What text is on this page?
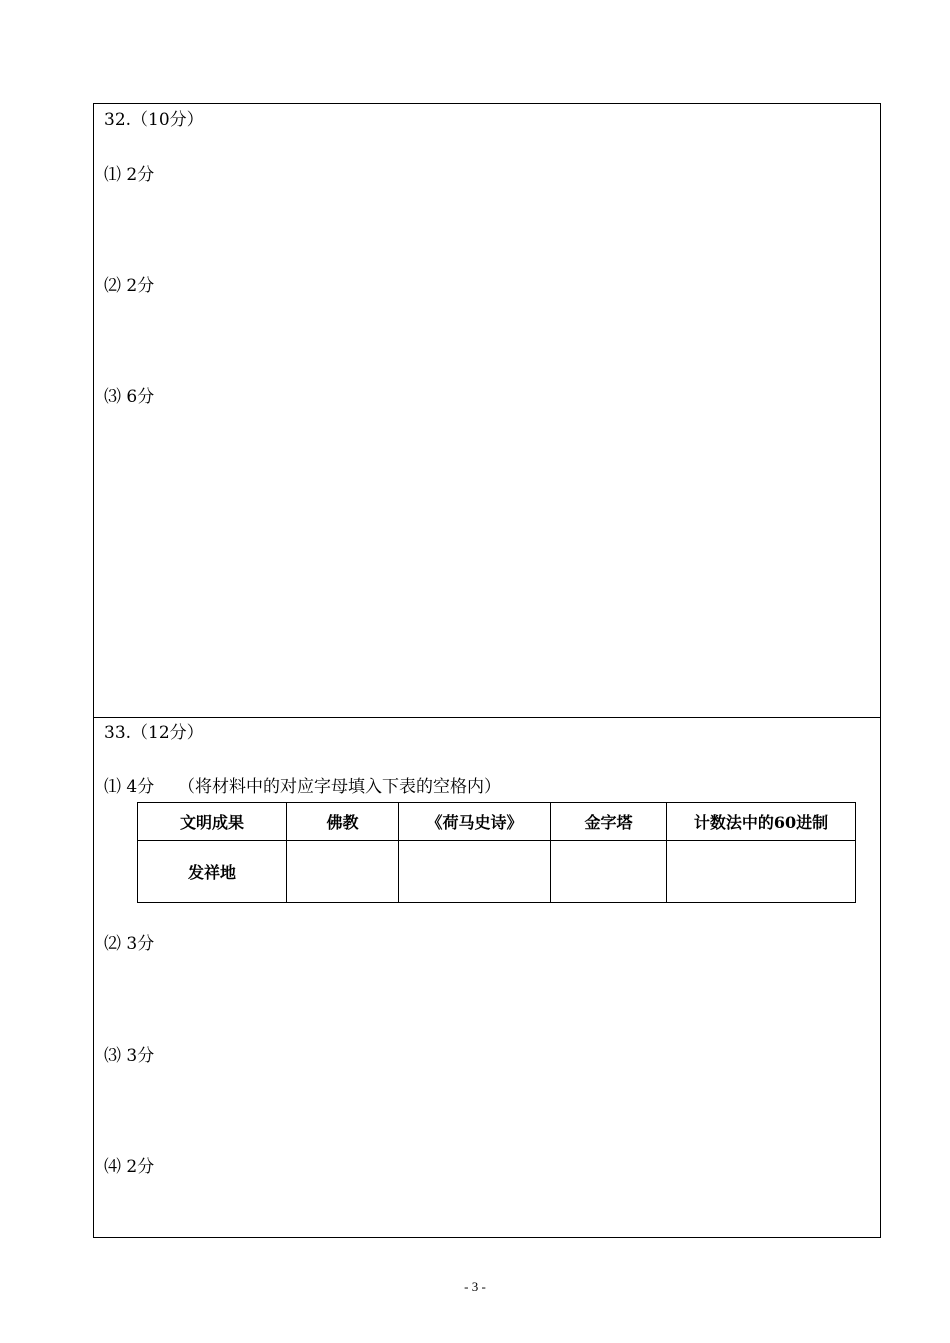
32.（10分）
⑴ 2分
⑵ 2分
⑶ 6分
33.（12分）
⑴ 4分 （将材料中的对应字母填入下表的空格内）
文明成果	佛教	《荷马史诗》	金字塔	计数法中的60进制
发祥地				
⑵ 3分
⑶ 3分
⑷ 2分
- 3 -
